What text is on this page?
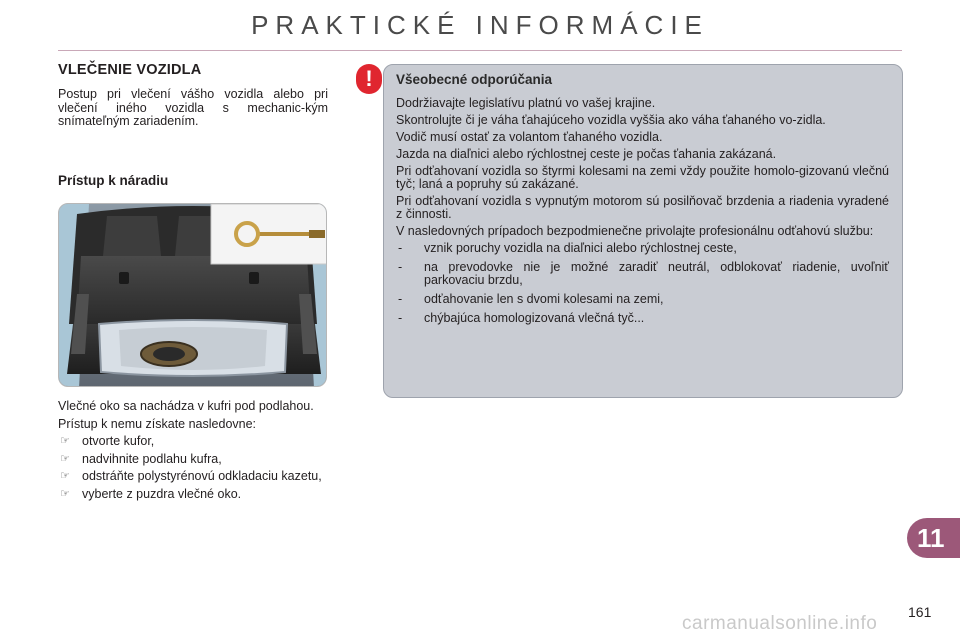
PRAKTICKÉ INFORMÁCIE
VLEČENIE VOZIDLA

Postup pri vlečení vášho vozidla alebo pri vlečení iného vozidla s mechanic-kým snímateľným zariadením.

Prístup k náradiu

Vlečné oko sa nachádza v kufri pod podlahou.

Prístup k nemu získate nasledovne:

☞ otvorte kufor,
☞ nadvihnite podlahu kufra,
☞ odstráňte polystyrénovú odkladaciu kazetu,
☞ vyberte z puzdra vlečné oko.
!	Všeobecné odporúčania

Dodržiavajte legislatívu platnú vo vašej krajine.

Skontrolujte či je váha ťahajúceho vozidla vyššia ako váha ťahaného vo-zidla.

Vodič musí ostať za volantom ťahaného vozidla.

Jazda na diaľnici alebo rýchlostnej ceste je počas ťahania zakázaná.

Pri odťahovaní vozidla so štyrmi kolesami na zemi vždy použite homolo-gizovanú vlečnú tyč; laná a popruhy sú zakázané.

Pri odťahovaní vozidla s vypnutým motorom sú posilňovač brzdenia a riadenia vyradené z činnosti.

V nasledovných prípadoch bezpodmienečne privolajte profesionálnu odťahovú službu:

- vznik poruchy vozidla na diaľnici alebo rýchlostnej ceste,
- na prevodovke nie je možné zaradiť neutrál, odblokovať riadenie, uvoľniť parkovaciu brzdu,
- odťahovanie len s dvomi kolesami na zemi,
- chýbajúca homologizovaná vlečná tyč...
11
161
carmanualsonline.info
